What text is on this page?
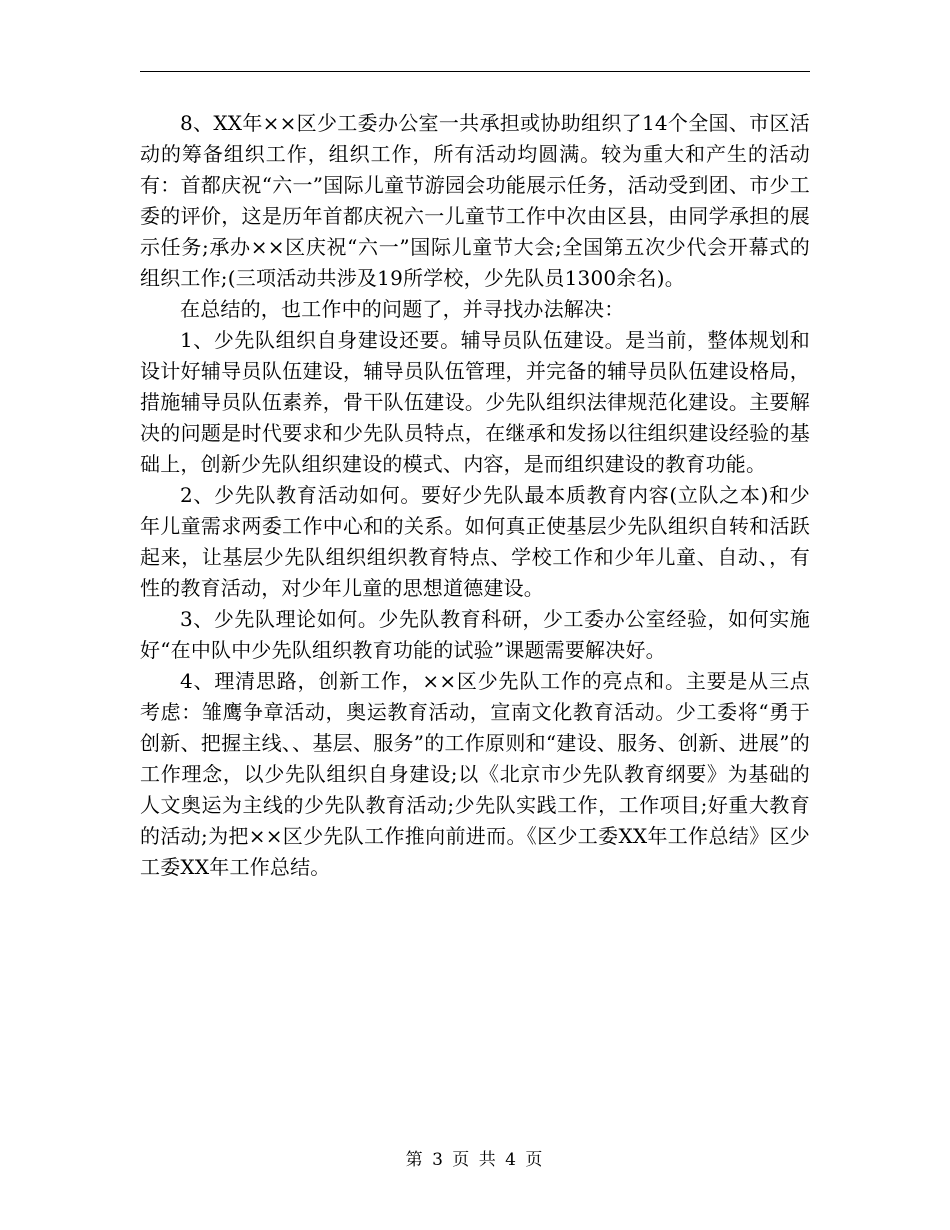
8、XX年××区少工委办公室一共承担或协助组织了14个全国、市区活动的筹备组织工作，组织工作，所有活动均圆满。较为重大和产生的活动有：首都庆祝“六一”国际儿童节游园会功能展示任务，活动受到团、市少工委的评价，这是历年首都庆祝六一儿童节工作中次由区县，由同学承担的展示任务;承办××区庆祝“六一”国际儿童节大会;全国第五次少代会开幕式的组织工作;(三项活动共涉及19所学校，少先队员1300余名)。

在总结的，也工作中的问题了，并寻找办法解决：

1、少先队组织自身建设还要。辅导员队伍建设。是当前，整体规划和设计好辅导员队伍建设，辅导员队伍管理，并完备的辅导员队伍建设格局，措施辅导员队伍素养，骨干队伍建设。少先队组织法律规范化建设。主要解决的问题是时代要求和少先队员特点，在继承和发扬以往组织建设经验的基础上，创新少先队组织建设的模式、内容，是而组织建设的教育功能。

2、少先队教育活动如何。要好少先队最本质教育内容(立队之本)和少年儿童需求两委工作中心和的关系。如何真正使基层少先队组织自转和活跃起来，让基层少先队组织组织教育特点、学校工作和少年儿童、自动、，有性的教育活动，对少年儿童的思想道德建设。

3、少先队理论如何。少先队教育科研，少工委办公室经验，如何实施好“在中队中少先队组织教育功能的试验”课题需要解决好。

4、理清思路，创新工作，××区少先队工作的亮点和。主要是从三点考虑：雏鹰争章活动，奥运教育活动，宣南文化教育活动。少工委将“勇于创新、把握主线、、基层、服务”的工作原则和“建设、服务、创新、进展”的工作理念，以少先队组织自身建设;以《北京市少先队教育纲要》为基础的人文奥运为主线的少先队教育活动;少先队实践工作，工作项目;好重大教育的活动;为把××区少先队工作推向前进而。《区少工委XX年工作总结》区少工委XX年工作总结。

第 3 页 共 4 页
